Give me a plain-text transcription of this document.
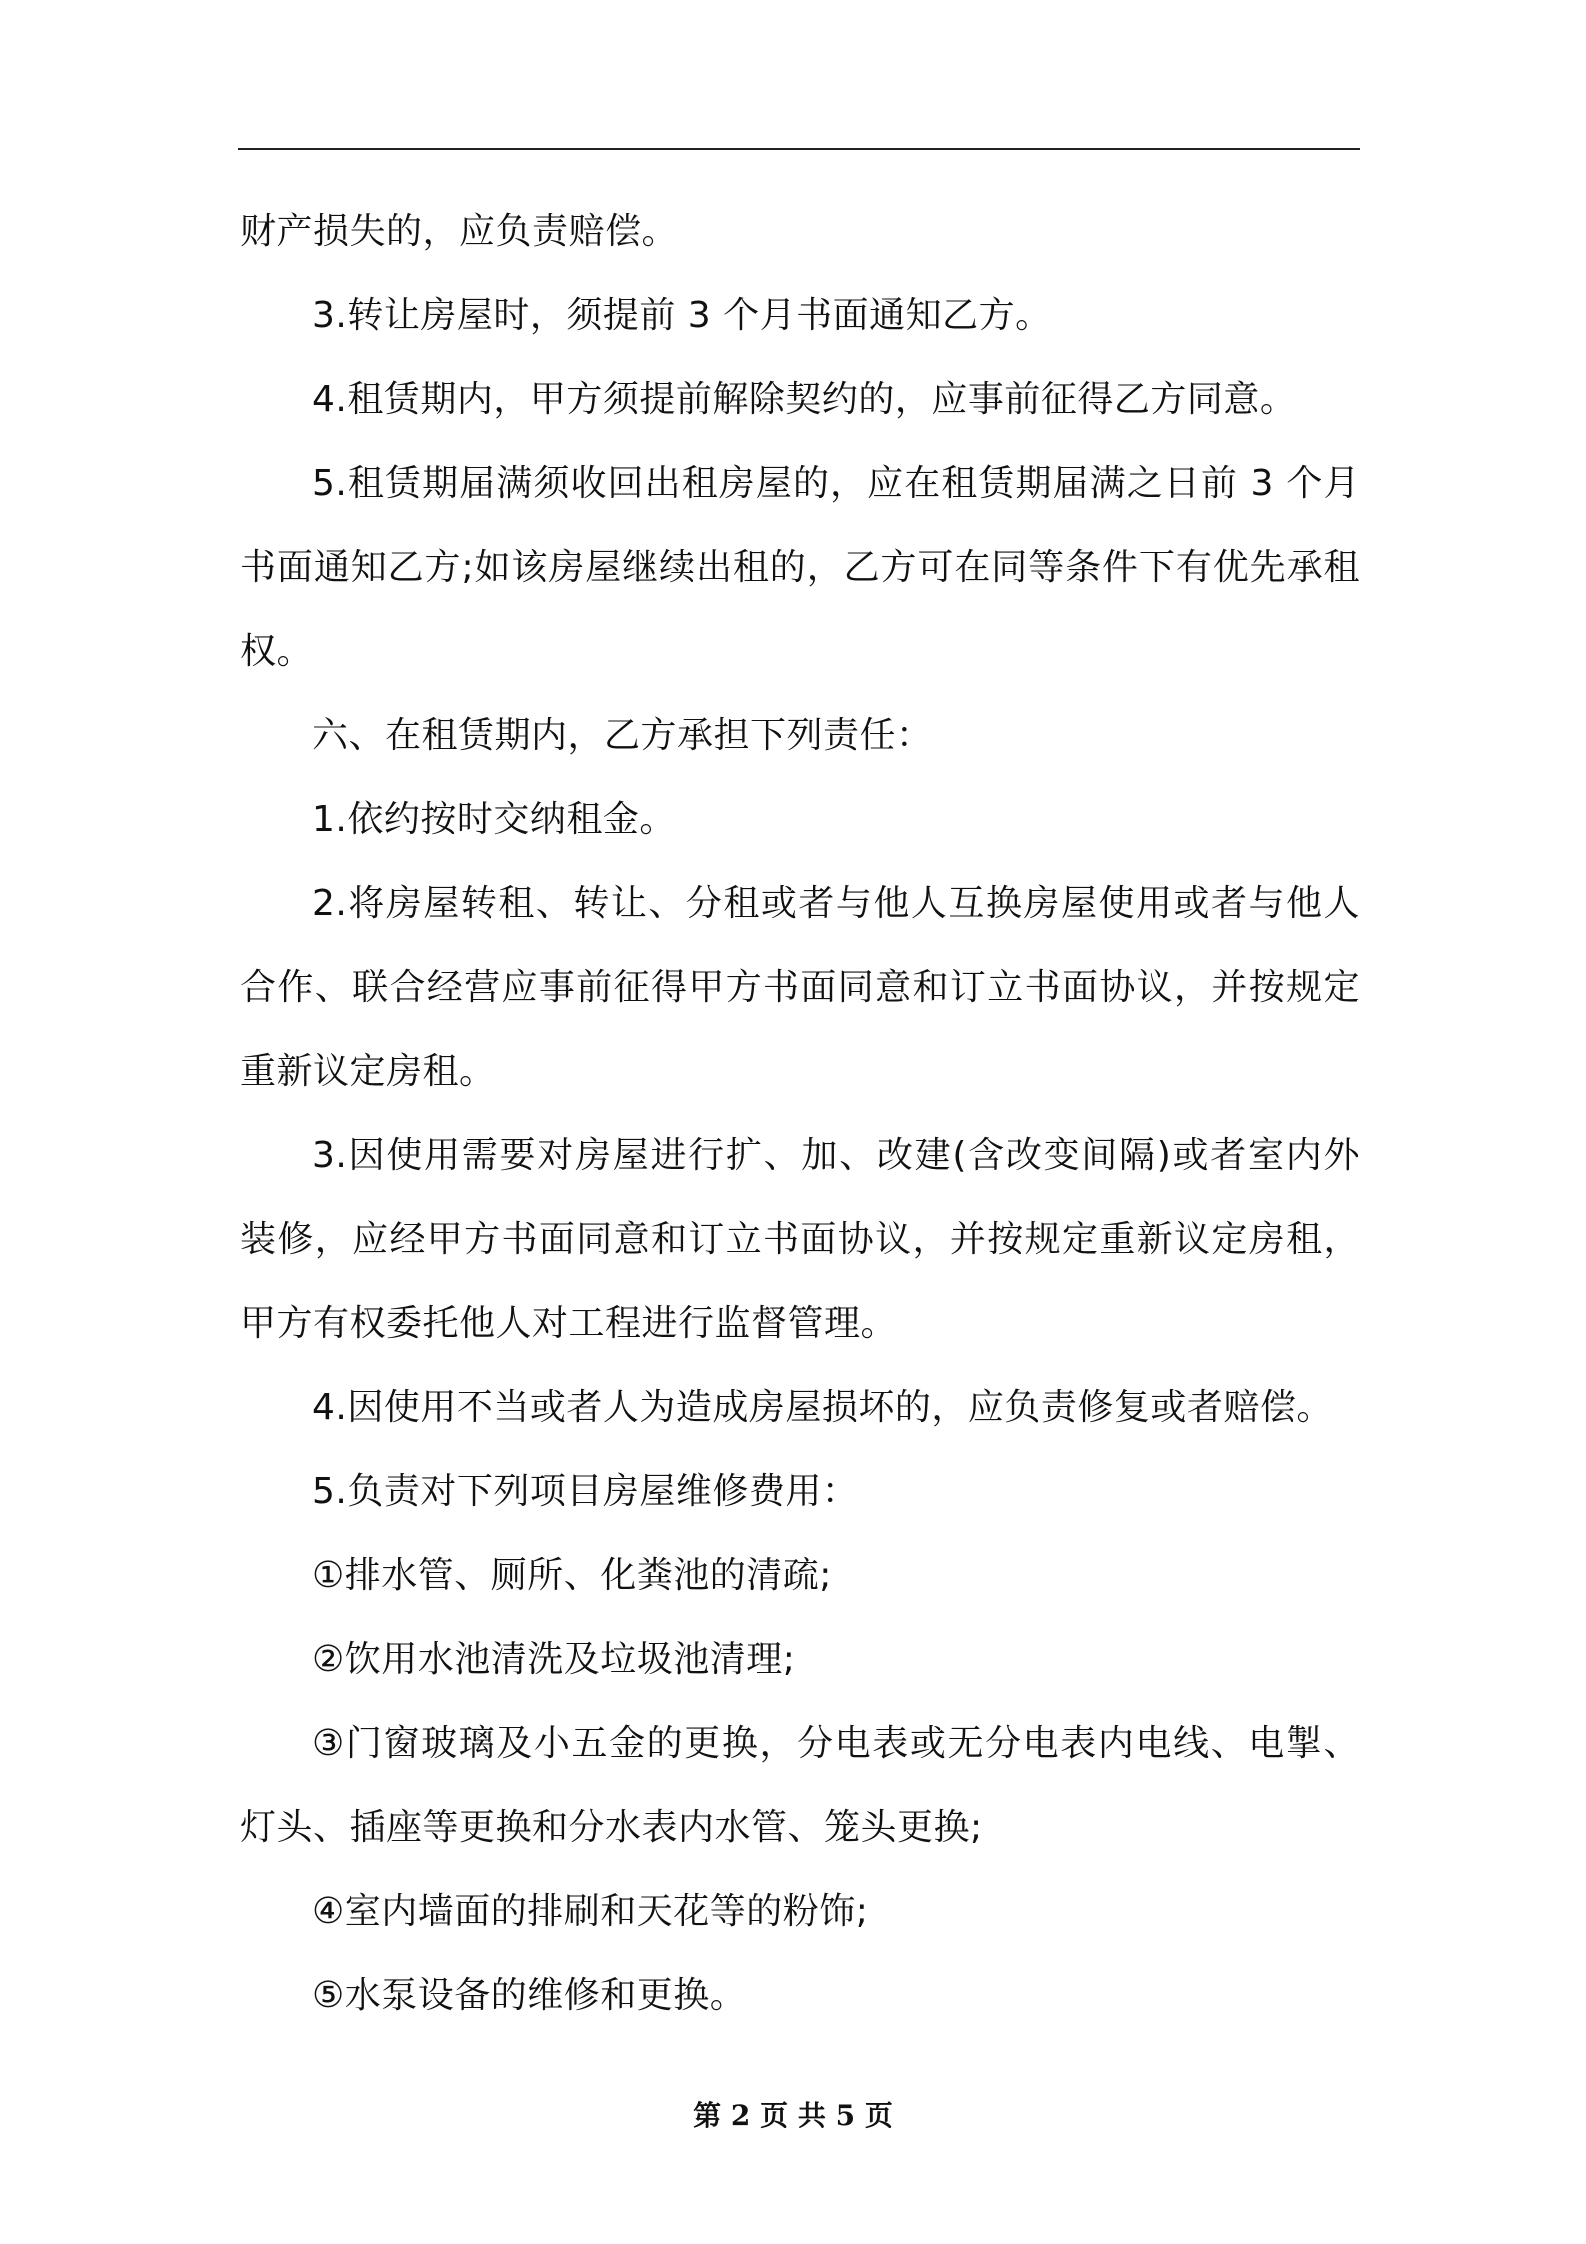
财产损失的，应负责赔偿。

3.转让房屋时，须提前 3 个月书面通知乙方。

4.租赁期内，甲方须提前解除契约的，应事前征得乙方同意。

5.租赁期届满须收回出租房屋的，应在租赁期届满之日前 3 个月书面通知乙方;如该房屋继续出租的，乙方可在同等条件下有优先承租权。

六、在租赁期内，乙方承担下列责任：

1.依约按时交纳租金。

2.将房屋转租、转让、分租或者与他人互换房屋使用或者与他人合作、联合经营应事前征得甲方书面同意和订立书面协议，并按规定重新议定房租。

3.因使用需要对房屋进行扩、加、改建(含改变间隔)或者室内外装修，应经甲方书面同意和订立书面协议，并按规定重新议定房租，甲方有权委托他人对工程进行监督管理。

4.因使用不当或者人为造成房屋损坏的，应负责修复或者赔偿。

5.负责对下列项目房屋维修费用：

①排水管、厕所、化粪池的清疏;

②饮用水池清洗及垃圾池清理;

③门窗玻璃及小五金的更换，分电表或无分电表内电线、电掣、灯头、插座等更换和分水表内水管、笼头更换;

④室内墙面的排刷和天花等的粉饰;

⑤水泵设备的维修和更换。

第 2 页 共 5 页
